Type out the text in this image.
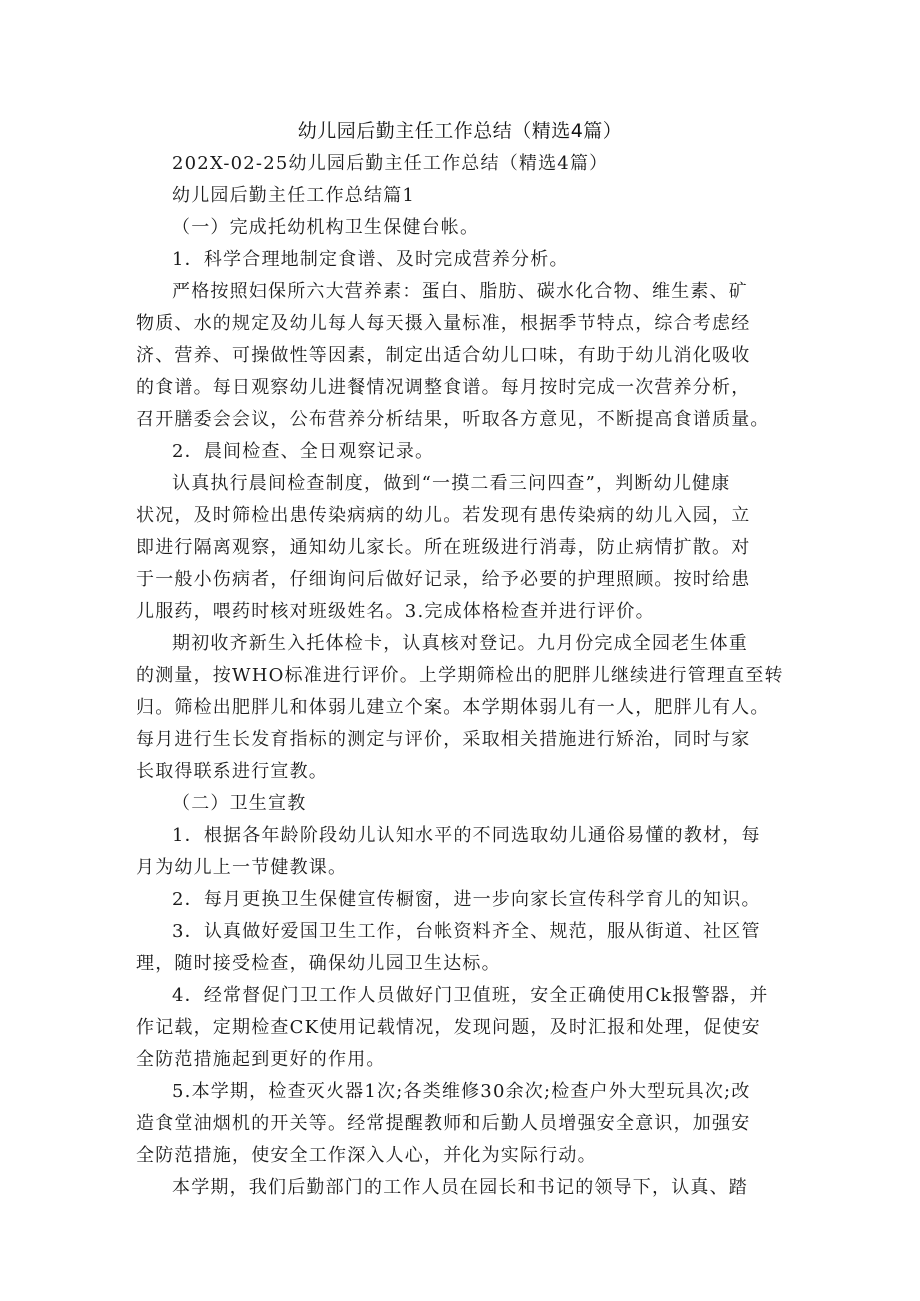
幼儿园后勤主任工作总结（精选4篇）
202X-02-25幼儿园后勤主任工作总结（精选4篇）
幼儿园后勤主任工作总结篇1
（一）完成托幼机构卫生保健台帐。
1．科学合理地制定食谱、及时完成营养分析。
严格按照妇保所六大营养素：蛋白、脂肪、碳水化合物、维生素、矿
物质、水的规定及幼儿每人每天摄入量标准，根据季节特点，综合考虑经
济、营养、可操做性等因素，制定出适合幼儿口味，有助于幼儿消化吸收
的食谱。每日观察幼儿进餐情况调整食谱。每月按时完成一次营养分析，
召开膳委会会议，公布营养分析结果，听取各方意见，不断提高食谱质量。
2．晨间检查、全日观察记录。
认真执行晨间检查制度，做到“一摸二看三问四查”，判断幼儿健康
状况，及时筛检出患传染病病的幼儿。若发现有患传染病的幼儿入园，立
即进行隔离观察，通知幼儿家长。所在班级进行消毒，防止病情扩散。对
于一般小伤病者，仔细询问后做好记录，给予必要的护理照顾。按时给患
儿服药，喂药时核对班级姓名。3.完成体格检查并进行评价。
期初收齐新生入托体检卡，认真核对登记。九月份完成全园老生体重
的测量，按WHO标准进行评价。上学期筛检出的肥胖儿继续进行管理直至转
归。筛检出肥胖儿和体弱儿建立个案。本学期体弱儿有一人，肥胖儿有人。
每月进行生长发育指标的测定与评价，采取相关措施进行矫治，同时与家
长取得联系进行宣教。
（二）卫生宣教
1．根据各年龄阶段幼儿认知水平的不同选取幼儿通俗易懂的教材，每
月为幼儿上一节健教课。
2．每月更换卫生保健宣传橱窗，进一步向家长宣传科学育儿的知识。
3．认真做好爱国卫生工作，台帐资料齐全、规范，服从街道、社区管
理，随时接受检查，确保幼儿园卫生达标。
4．经常督促门卫工作人员做好门卫值班，安全正确使用Ck报警器，并
作记载，定期检查CK使用记载情况，发现问题，及时汇报和处理，促使安
全防范措施起到更好的作用。
5.本学期，检查灭火器1次;各类维修30余次;检查户外大型玩具次;改
造食堂油烟机的开关等。经常提醒教师和后勤人员增强安全意识，加强安
全防范措施，使安全工作深入人心，并化为实际行动。
本学期，我们后勤部门的工作人员在园长和书记的领导下，认真、踏
